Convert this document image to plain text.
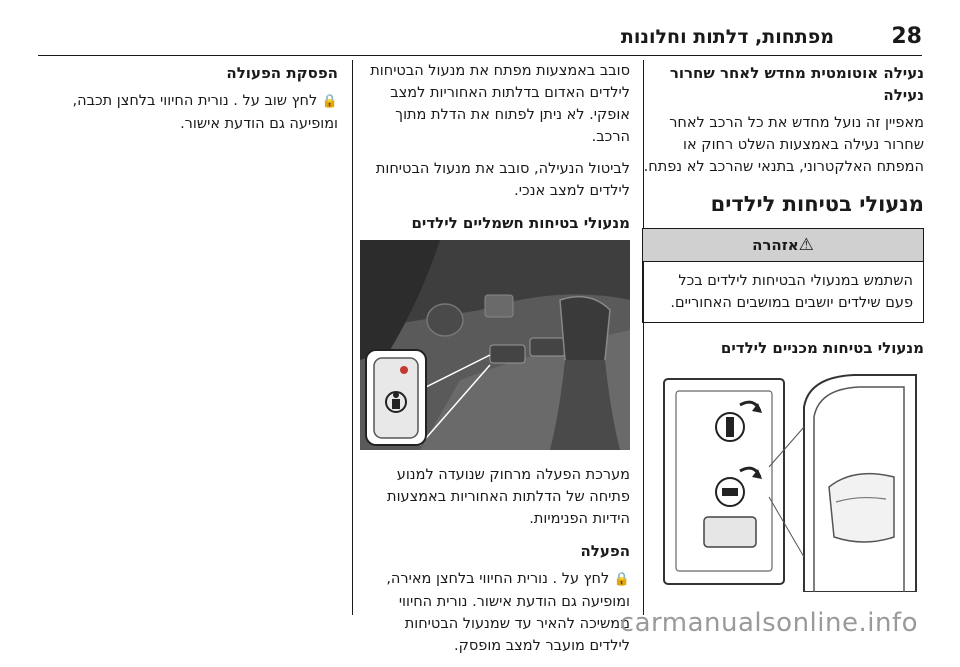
28
מפתחות, דלתות וחלונות
נעילה אוטומטית מחדש לאחר שחרור נעילה
מאפיין זה נועל מחדש את כל הרכב לאחר שחרור נעילה באמצעות השלט רחוק או המפתח האלקטרוני, בתנאי שהרכב לא נפתח.
מנעולי בטיחות לילדים
⚠אזהרה
השתמש במנעולי הבטיחות לילדים בכל פעם שילדים יושבים במושבים האחוריים.
מנעולי בטיחות מכניים לילדים
סובב באמצעות מפתח את מנעול הבטיחות לילדים האדום בדלתות האחוריות למצב אופקי. לא ניתן לפתוח את הדלת מתוך הרכב.
לביטול הנעילה, סובב את מנעול הבטיחות לילדים למצב אנכי.
מנעולי בטיחות חשמליים לילדים
מערכת הפעלה מרחוק שנועדה למנוע פתיחה של הדלתות האחוריות באמצעות הידיות הפנימיות.
הפעלה
🔒 לחץ על . נורית החיווי בלחצן מאירה, ומופיעה גם הודעת אישור. נורית החיווי ממשיכה להאיר עד שמנעול הבטיחות לילדים מועבר למצב מופסק.
הפסקת הפעולה
🔒 לחץ שוב על . נורית החיווי בלחצן תכבה, ומופיעה גם הודעת אישור.
carmanualsonline.info
